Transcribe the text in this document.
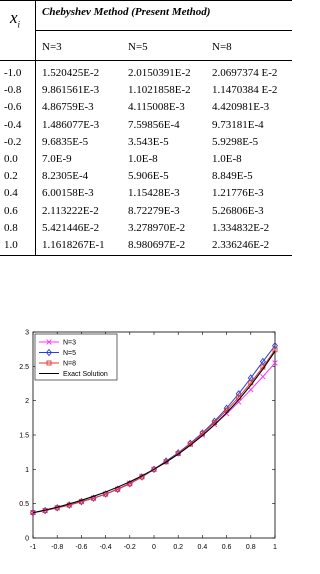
$x_i$
Chebyshev Method (Present Method)
N=3	N=5	N=8
-1.0 1.520425E-2	2.0150391E-2 2.0697374 E-2
-0.8 9.861561E-3	1.1021858E-2 1.1470384 E-2
-0.6 4.86759E-3	4.115008E-3 4.420981E-3
-0.4 1.486077E-3	7.59856E-4	9.73181E-4
-0.2 9.6835E-5	3.543E-5	5.9298E-5
0.0 7.0E-9	1.0E-8	1.0E-8
0.2 8.2305E-4	5.906E-5	8.849E-5
0.4 6.00158E-3	1.15428E-3	1.21776E-3
0.6 2.113222E-2	8.72279E-3	5.26806E-3
0.8 5.421446E-2	3.278970E-2 1.334832E-2
1.0 1.1618267E-1 8.980697E-2 2.336246E-2
-1 -0.8 -0.6 -0.4 -0.2 0 0.2 0.4 0.6 0.8 1
0
0.5
1
1.5
2
2.5
3
N=3
N=5
N=8
Exact Solution
